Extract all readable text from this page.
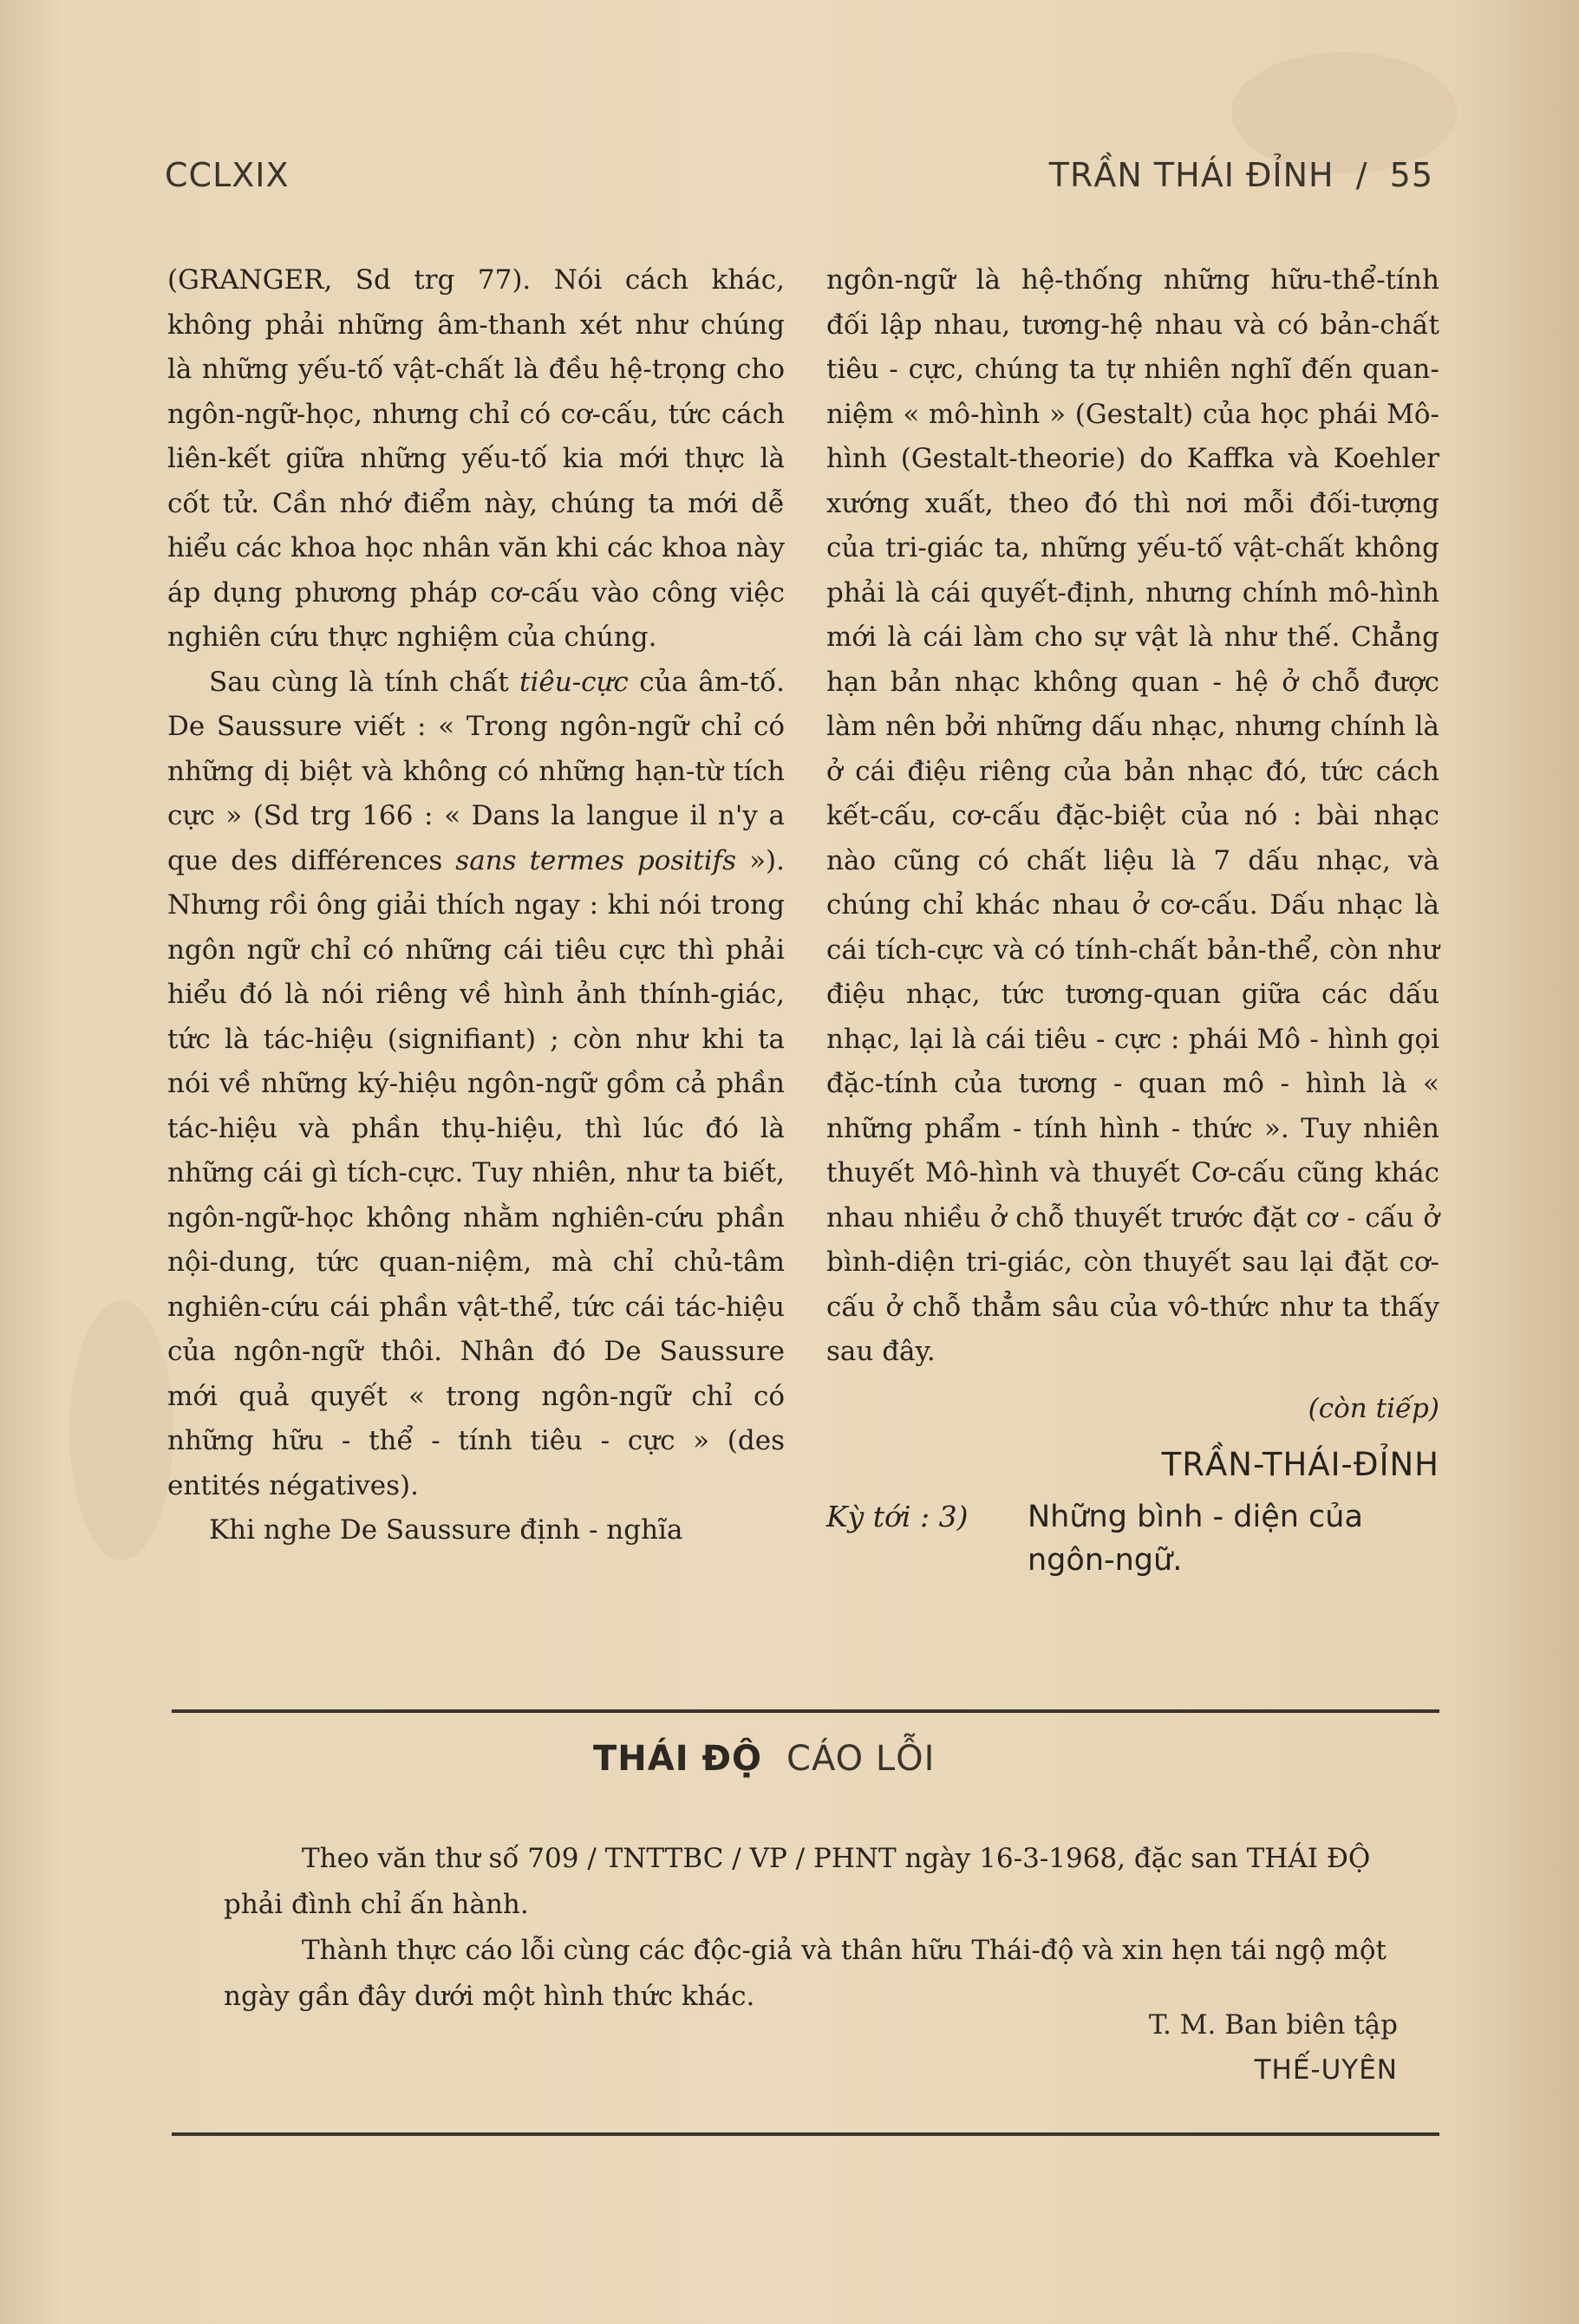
CCLXIX	TRẦN THÁI ĐỈNH / 55

(GRANGER, Sd trg 77). Nói cách khác, không phải những âm-thanh xét như chúng là những yếu-tố vật-chất là đều hệ-trọng cho ngôn-ngữ-học, nhưng chỉ có cơ-cấu, tức cách liên-kết giữa những yếu-tố kia mới thực là cốt tử. Cần nhớ điểm này, chúng ta mới dễ hiểu các khoa học nhân văn khi các khoa này áp dụng phương pháp cơ-cấu vào công việc nghiên cứu thực nghiệm của chúng.

Sau cùng là tính chất tiêu-cực của âm-tố. De Saussure viết : « Trong ngôn-ngữ chỉ có những dị biệt và không có những hạn-từ tích cực » (Sd trg 166 : « Dans la langue il n'y a que des différences sans termes positifs »). Nhưng rồi ông giải thích ngay : khi nói trong ngôn ngữ chỉ có những cái tiêu cực thì phải hiểu đó là nói riêng về hình ảnh thính-giác, tức là tác-hiệu (signifiant) ; còn như khi ta nói về những ký-hiệu ngôn-ngữ gồm cả phần tác-hiệu và phần thụ-hiệu, thì lúc đó là những cái gì tích-cực. Tuy nhiên, như ta biết, ngôn-ngữ-học không nhằm nghiên-cứu phần nội-dung, tức quan-niệm, mà chỉ chủ-tâm nghiên-cứu cái phần vật-thể, tức cái tác-hiệu của ngôn-ngữ thôi. Nhân đó De Saussure mới quả quyết « trong ngôn-ngữ chỉ có những hữu - thể - tính tiêu - cực » (des entités négatives).

Khi nghe De Saussure định - nghĩa

ngôn-ngữ là hệ-thống những hữu-thể-tính đối lập nhau, tương-hệ nhau và có bản-chất tiêu - cực, chúng ta tự nhiên nghĩ đến quan-niệm « mô-hình » (Gestalt) của học phái Mô-hình (Gestalt-theorie) do Kaffka và Koehler xướng xuất, theo đó thì nơi mỗi đối-tượng của tri-giác ta, những yếu-tố vật-chất không phải là cái quyết-định, nhưng chính mô-hình mới là cái làm cho sự vật là như thế. Chẳng hạn bản nhạc không quan - hệ ở chỗ được làm nên bởi những dấu nhạc, nhưng chính là ở cái điệu riêng của bản nhạc đó, tức cách kết-cấu, cơ-cấu đặc-biệt của nó : bài nhạc nào cũng có chất liệu là 7 dấu nhạc, và chúng chỉ khác nhau ở cơ-cấu. Dấu nhạc là cái tích-cực và có tính-chất bản-thể, còn như điệu nhạc, tức tương-quan giữa các dấu nhạc, lại là cái tiêu - cực : phái Mô - hình gọi đặc-tính của tương - quan mô - hình là « những phẩm - tính hình - thức ». Tuy nhiên thuyết Mô-hình và thuyết Cơ-cấu cũng khác nhau nhiều ở chỗ thuyết trước đặt cơ - cấu ở bình-diện tri-giác, còn thuyết sau lại đặt cơ-cấu ở chỗ thẳm sâu của vô-thức như ta thấy sau đây.

(còn tiếp)

TRẦN-THÁI-ĐỈNH

Kỳ tới : 3)	Những bình - diện của ngôn-ngữ.
THÁI ĐỘ CÁO LỖI

Theo văn thư số 709 / TNTTBC / VP / PHNT ngày 16-3-1968, đặc san THÁI ĐỘ phải đình chỉ ấn hành.

Thành thực cáo lỗi cùng các độc-giả và thân hữu Thái-độ và xin hẹn tái ngộ một ngày gần đây dưới một hình thức khác.

T. M. Ban biên tập
THẾ-UYÊN
